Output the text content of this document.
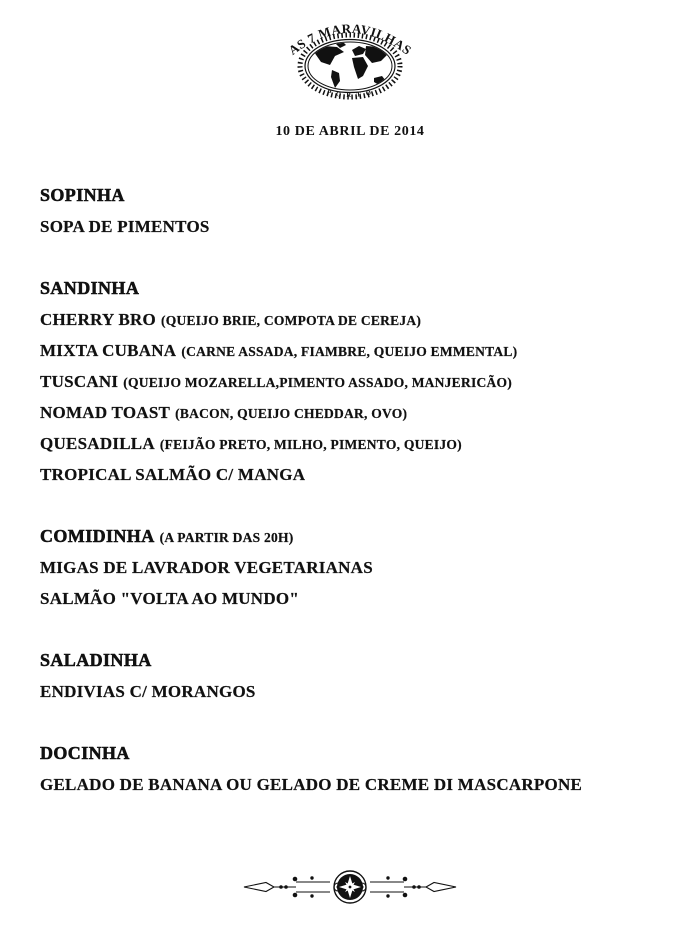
AS 7 MARAVILHAS
P O R T O
10 DE ABRIL DE 2014
SOPINHA
SOPA DE PIMENTOS
SANDINHA
CHERRY BRO (QUEIJO BRIE, COMPOTA DE CEREJA)
MIXTA CUBANA (CARNE ASSADA, FIAMBRE, QUEIJO EMMENTAL)
TUSCANI (QUEIJO MOZARELLA,PIMENTO ASSADO, MANJERICÃO)
NOMAD TOAST (BACON, QUEIJO CHEDDAR, OVO)
QUESADILLA (FEIJÃO PRETO, MILHO, PIMENTO, QUEIJO)
TROPICAL SALMÃO C/ MANGA
COMIDINHA (A PARTIR DAS 20H)
MIGAS DE LAVRADOR VEGETARIANAS
SALMÃO "VOLTA AO MUNDO"
SALADINHA
ENDIVIAS C/ MORANGOS
DOCINHA
GELADO DE BANANA OU GELADO DE CREME DI MASCARPONE
